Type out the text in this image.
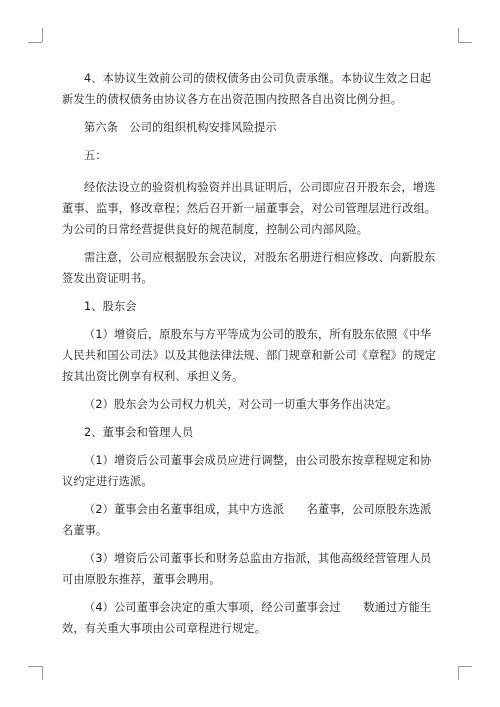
4、本协议生效前公司的债权债务由公司负责承继。本协议生效之日起新发生的债权债务由协议各方在出资范围内按照各自出资比例分担。

第六条　公司的组织机构安排风险提示

五：

经依法设立的验资机构验资并出具证明后，公司即应召开股东会，增选董事、监事，修改章程；然后召开新一届董事会，对公司管理层进行改组。为公司的日常经营提供良好的规范制度，控制公司内部风险。

需注意，公司应根据股东会决议，对股东名册进行相应修改、向新股东签发出资证明书。

1、股东会

（1）增资后，原股东与方平等成为公司的股东，所有股东依照《中华人民共和国公司法》以及其他法律法规、部门规章和新公司《章程》的规定按其出资比例享有权利、承担义务。

（2）股东会为公司权力机关，对公司一切重大事务作出决定。

2、董事会和管理人员

（1）增资后公司董事会成员应进行调整，由公司股东按章程规定和协议约定进行选派。

（2）董事会由名董事组成，其中方选派　　名董事，公司原股东选派　　名董事。

（3）增资后公司董事长和财务总监由方指派，其他高级经营管理人员可由原股东推荐，董事会聘用。

（4）公司董事会决定的重大事项，经公司董事会过　　数通过方能生效，有关重大事项由公司章程进行规定。
